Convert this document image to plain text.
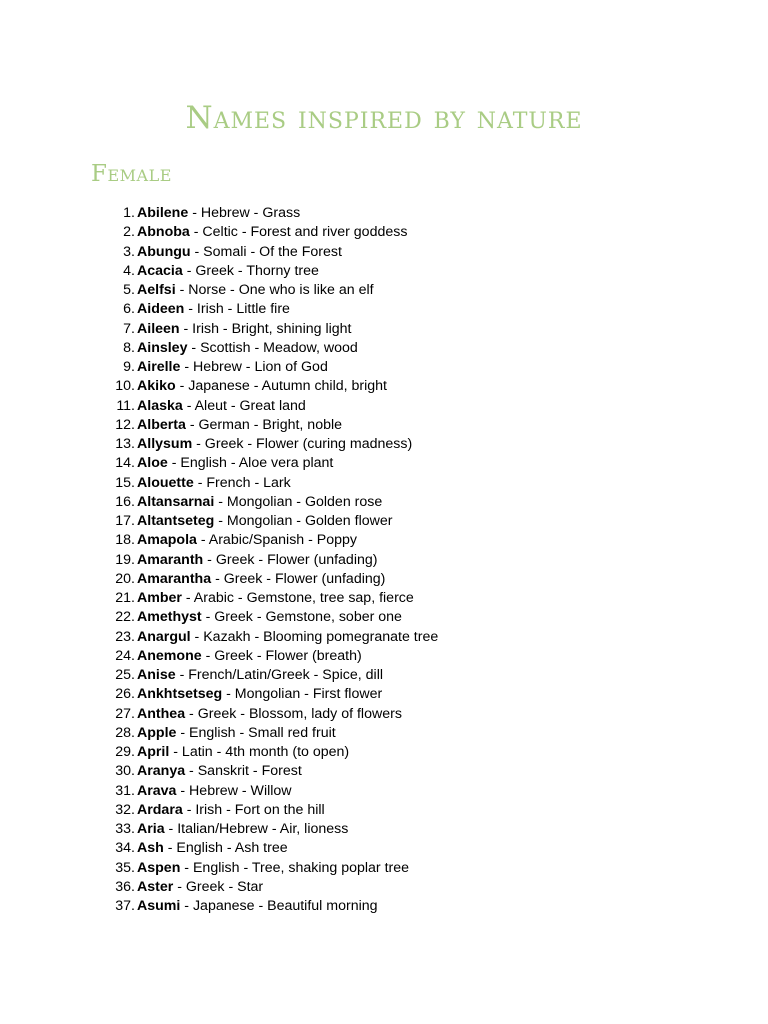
Names inspired by nature
Female
1. Abilene - Hebrew - Grass
2. Abnoba - Celtic - Forest and river goddess
3. Abungu - Somali - Of the Forest
4. Acacia - Greek - Thorny tree
5. Aelfsi - Norse - One who is like an elf
6. Aideen - Irish - Little fire
7. Aileen - Irish - Bright, shining light
8. Ainsley - Scottish - Meadow, wood
9. Airelle - Hebrew - Lion of God
10. Akiko - Japanese - Autumn child, bright
11. Alaska - Aleut - Great land
12. Alberta - German - Bright, noble
13. Allysum - Greek - Flower (curing madness)
14. Aloe - English - Aloe vera plant
15. Alouette - French - Lark
16. Altansarnai - Mongolian - Golden rose
17. Altantseteg - Mongolian - Golden flower
18. Amapola - Arabic/Spanish - Poppy
19. Amaranth - Greek - Flower (unfading)
20. Amarantha - Greek - Flower (unfading)
21. Amber - Arabic - Gemstone, tree sap, fierce
22. Amethyst - Greek - Gemstone, sober one
23. Anargul - Kazakh - Blooming pomegranate tree
24. Anemone - Greek - Flower (breath)
25. Anise - French/Latin/Greek - Spice, dill
26. Ankhtsetseg - Mongolian - First flower
27. Anthea - Greek - Blossom, lady of flowers
28. Apple - English - Small red fruit
29. April - Latin - 4th month (to open)
30. Aranya - Sanskrit - Forest
31. Arava - Hebrew - Willow
32. Ardara - Irish - Fort on the hill
33. Aria - Italian/Hebrew - Air, lioness
34. Ash - English - Ash tree
35. Aspen - English - Tree, shaking poplar tree
36. Aster - Greek - Star
37. Asumi - Japanese - Beautiful morning
